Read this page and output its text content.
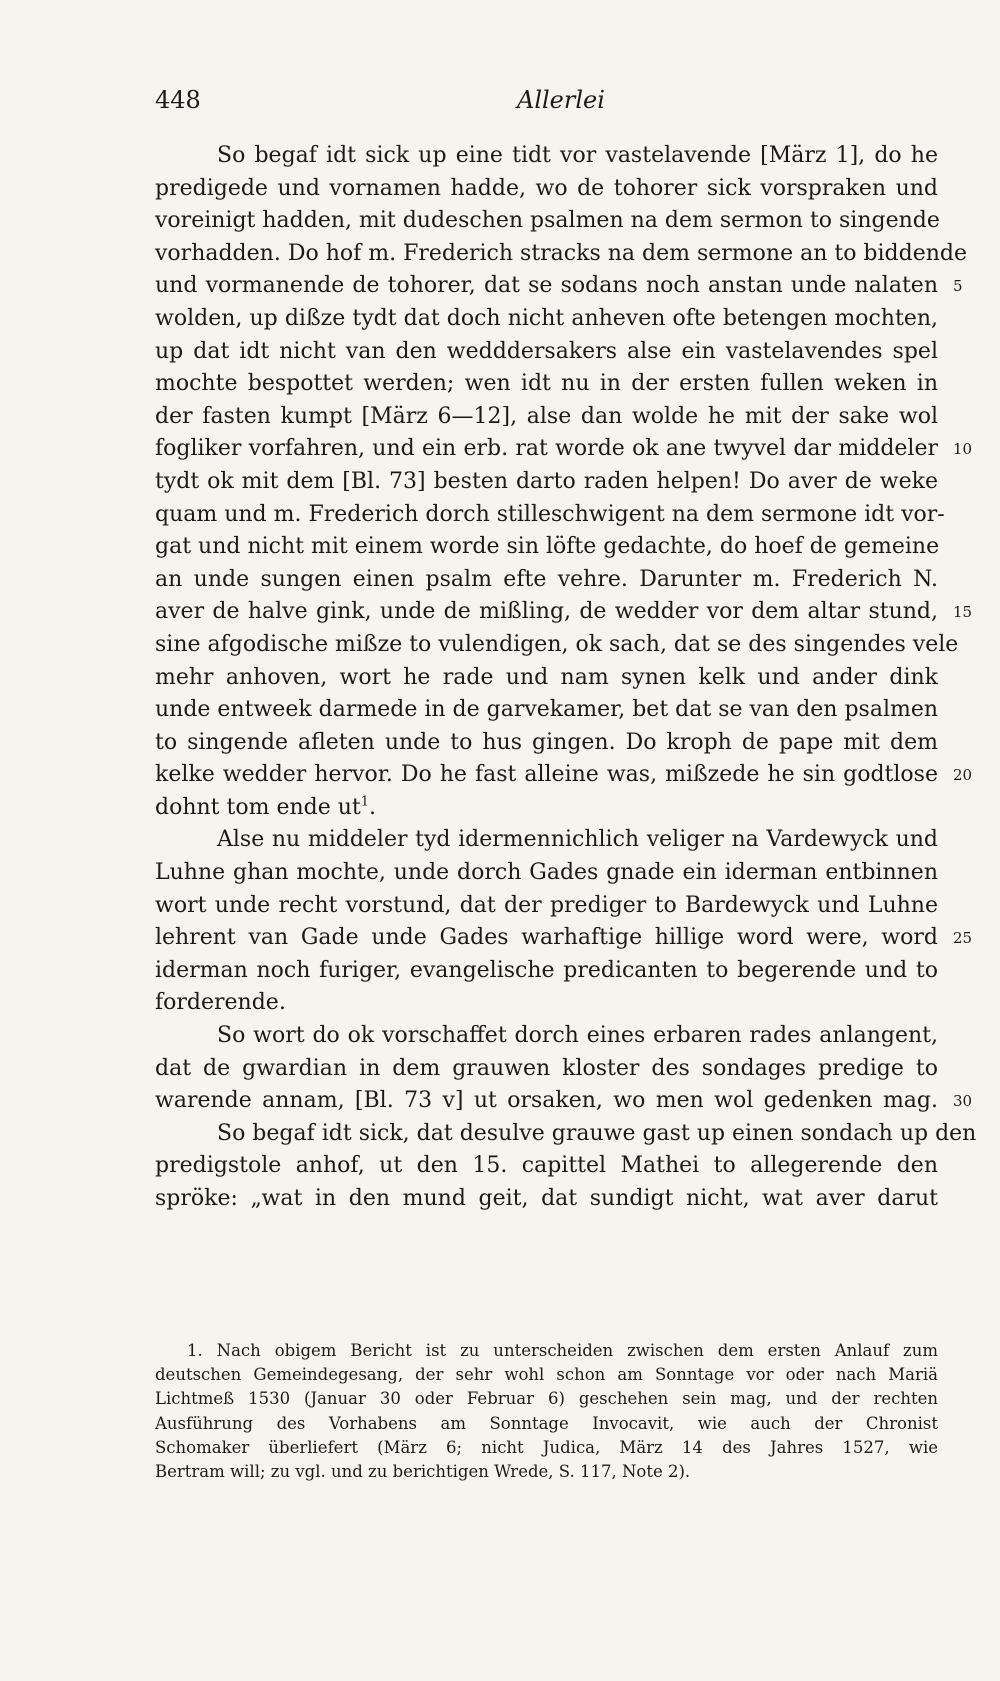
448	Allerlei
So begaf idt sick up eine tidt vor vastelavende [März 1], do he
predigede und vornamen hadde, wo de tohorer sick vorspraken und
voreinigt hadden, mit dudeschen psalmen na dem sermon to singende
vorhadden. Do hof m. Frederich stracks na dem sermone an to biddende
und vormanende de tohorer, dat se sodans noch anstan unde nalaten 5
wolden, up dißze tydt dat doch nicht anheven ofte betengen mochten,
up dat idt nicht van den wedddersakers alse ein vastelavendes spel
mochte bespottet werden; wen idt nu in der ersten fullen weken in
der fasten kumpt [März 6—12], alse dan wolde he mit der sake wol
fogliker vorfahren, und ein erb. rat worde ok ane twyvel dar middeler 10
tydt ok mit dem [Bl. 73] besten darto raden helpen! Do aver de weke
quam und m. Frederich dorch stilleschwigent na dem sermone idt vor-
gat und nicht mit einem worde sin löfte gedachte, do hoef de gemeine
an unde sungen einen psalm efte vehre. Darunter m. Frederich N.
aver de halve gink, unde de mißling, de wedder vor dem altar stund, 15
sine afgodische mißze to vulendigen, ok sach, dat se des singendes vele
mehr anhoven, wort he rade und nam synen kelk und ander dink
unde entweek darmede in de garvekamer, bet dat se van den psalmen
to singende afleten unde to hus gingen. Do kroph de pape mit dem
kelke wedder hervor. Do he fast alleine was, mißzede he sin godtlose 20
dohnt tom ende $ut^1$.
Alse nu middeler tyd idermennichlich veliger na Vardewyck und
Luhne ghan mochte, unde dorch Gades gnade ein iderman entbinnen
wort unde recht vorstund, dat der prediger to Bardewyck und Luhne
lehrent van Gade unde Gades warhaftige hillige word were, word 25
iderman noch furiger, evangelische predicanten to begerende und to
forderende.
So wort do ok vorschaffet dorch eines erbaren rades anlangent,
dat de gwardian in dem grauwen kloster des sondages predige to
warende annam, [Bl. 73 v] ut orsaken, wo men wol gedenken mag. 30
So begaf idt sick, dat desulve grauwe gast up einen sondach up den
predigstole anhof, ut den 15. capittel Mathei to allegerende den
spröke: „wat in den mund geit, dat sundigt nicht, wat aver darut
1. Nach obigem Bericht ist zu unterscheiden zwischen dem ersten Anlauf zum
deutschen Gemeindegesang, der sehr wohl schon am Sonntage vor oder nach Mariä
Lichtmeß 1530 (Januar 30 oder Februar 6) geschehen sein mag, und der rechten
Ausführung des Vorhabens am Sonntage Invocavit, wie auch der Chronist
Schomaker überliefert (März 6; nicht Judica, März 14 des Jahres 1527, wie
Bertram will; zu vgl. und zu berichtigen Wrede, S. 117, Note 2).
